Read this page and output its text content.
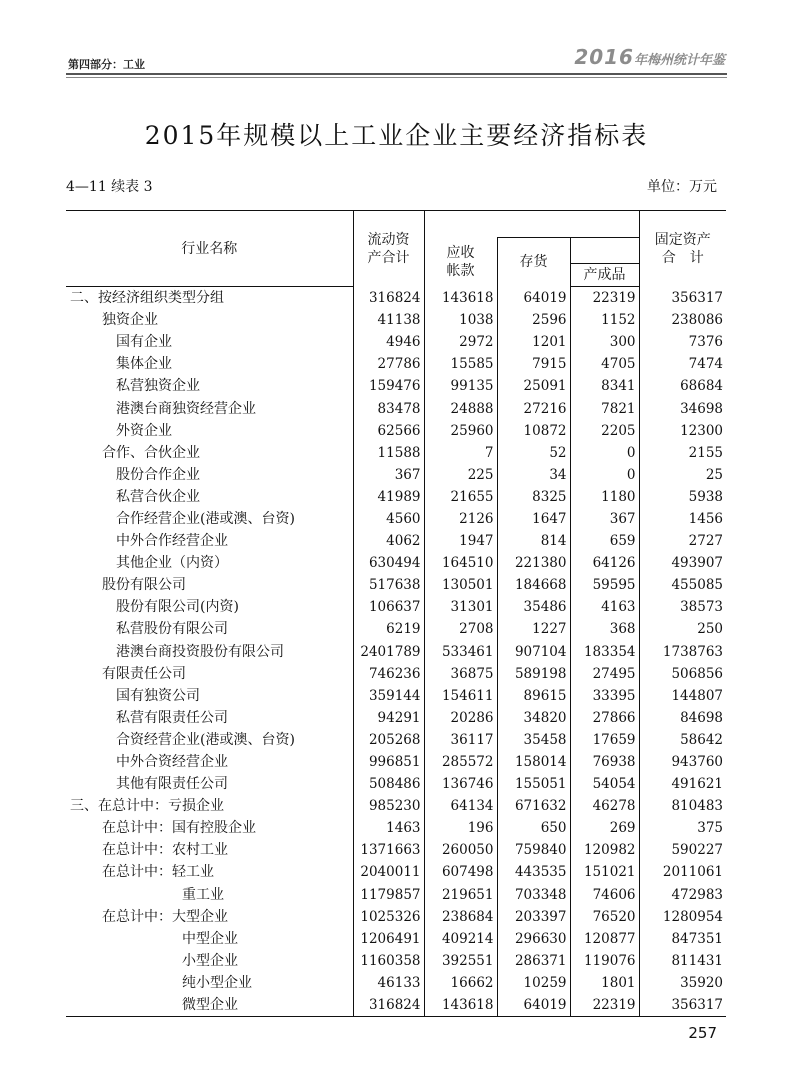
第四部分：工业	2016年梅州统计年鉴
2015年规模以上工业企业主要经济指标表
4—11 续表 3	单位：万元
行业名称	流动资产合计				固定资产合　计
		应收帐款	存货		
				产成品	
二、按经济组织类型分组	316824	143618	64019	22319	356317
独资企业	41138	1038	2596	1152	238086
国有企业	4946	2972	1201	300	7376
集体企业	27786	15585	7915	4705	7474
私营独资企业	159476	99135	25091	8341	68684
港澳台商独资经营企业	83478	24888	27216	7821	34698
外资企业	62566	25960	10872	2205	12300
合作、合伙企业	11588	7	52	0	2155
股份合作企业	367	225	34	0	25
私营合伙企业	41989	21655	8325	1180	5938
合作经营企业(港或澳、台资)	4560	2126	1647	367	1456
中外合作经营企业	4062	1947	814	659	2727
其他企业（内资）	630494	164510	221380	64126	493907
股份有限公司	517638	130501	184668	59595	455085
股份有限公司(内资)	106637	31301	35486	4163	38573
私营股份有限公司	6219	2708	1227	368	250
港澳台商投资股份有限公司	2401789	533461	907104	183354	1738763
有限责任公司	746236	36875	589198	27495	506856
国有独资公司	359144	154611	89615	33395	144807
私营有限责任公司	94291	20286	34820	27866	84698
合资经营企业(港或澳、台资)	205268	36117	35458	17659	58642
中外合资经营企业	996851	285572	158014	76938	943760
其他有限责任公司	508486	136746	155051	54054	491621
三、在总计中：亏损企业	985230	64134	671632	46278	810483
在总计中：国有控股企业	1463	196	650	269	375
在总计中：农村工业	1371663	260050	759840	120982	590227
在总计中：轻工业	2040011	607498	443535	151021	2011061
重工业	1179857	219651	703348	74606	472983
在总计中：大型企业	1025326	238684	203397	76520	1280954
中型企业	1206491	409214	296630	120877	847351
小型企业	1160358	392551	286371	119076	811431
纯小型企业	46133	16662	10259	1801	35920
微型企业	316824	143618	64019	22319	356317
257
